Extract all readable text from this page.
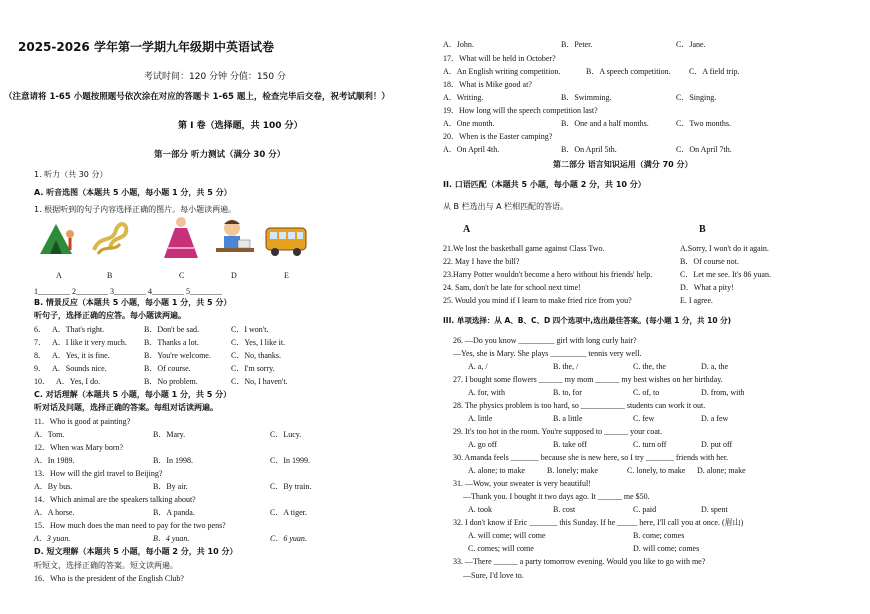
2025-2026 学年第一学期九年级期中英语试卷
考试时间：120 分钟 分值：150 分
（注意请将 1-65 小题按照题号依次涂在对应的答题卡 1-65 题上，检查完毕后交卷，祝考试顺利！）
第 I 卷（选择题，共 100 分）
第一部分 听力测试（满分 30 分）
1. 听力（共 30 分）
A. 听音选图（本题共 5 小题，每小题 1 分，共 5 分）
1. 根据听到的句子内容选择正确的图片。每小题读两遍。
A	B	C	D	E
1________ 2________ 3________ 4________ 5________
B. 情景反应（本题共 5 小题，每小题 1 分，共 5 分）
听句子，选择正确的应答。每小题读两遍。
6． A．That's right.	B．Don't be sad.	C．I won't.
7． A．I like it very much. B．Thanks a lot.	C．Yes, I like it.
8． A．Yes, it is fine.	B．You're welcome.	C．No, thanks.
9． A．Sounds nice.	B．Of course.	C．I'm sorry.
10． A．Yes, I do.	B．No problem.	C．No, I haven't.
C. 对话理解（本题共 5 小题，每小题 1 分，共 5 分）
听对话及问题，选择正确的答案。每组对话读两遍。
11．Who is good at painting?
A．Tom.	B．Mary.	C．Lucy.
12．When was Mary born?
A．In 1989.	B．In 1998.	C．In 1999.
13．How will the girl travel to Beijing?
A．By bus.	B．By air.	C．By train.
14．Which animal are the speakers talking about?
A．A horse.	B．A panda.	C．A tiger.
15．How much does the man need to pay for the two pens?
A．3 yuan.	B．4 yuan.	C．6 yuan.
D. 短文理解（本题共 5 小题，每小题 2 分，共 10 分）
听短文，选择正确的答案。短文读两遍。
16．Who is the president of the English Club?
A．John.	B．Peter.	C．Jane.
17．What will be held in October?
A．An English writing competition.	B．A speech competition. C．A field trip.
18．What is Mike good at?
A．Writing.	B．Swimming.	C．Singing.
19．How long will the speech competition last?
A．One month.	B．One and a half months.	C．Two months.
20．When is the Easter camping?
A．On April 4th.	B．On April 5th.	C．On April 7th.
第二部分 语言知识运用（满分 70 分）
II. 口语匹配（本题共 5 小题，每小题 2 分，共 10 分）
从 B 栏选出与 A 栏相匹配的答语。
A	B
21.We lost the basketball game against Class Two.	A.Sorry, I won't do it again.
22. May I have the bill?	B．Of course not.
23.Harry Potter wouldn't become a hero without his friends' help.	C．Let me see. It's 86 yuan.
24. Sam, don't be late for school next time!	D．What a pity!
25. Would you mind if I learn to make fried rice from you?	E. I agree.
III. 单项选择：从 A、B、C、D 四个选项中,选出最佳答案。(每小题 1 分，共 10 分)
26. —Do you know _________ girl with long curly hair?
—Yes, she is Mary. She plays _________ tennis very well.
A. a, /	B. the, /	C. the, the	D. a, the
27. I bought some flowers ______ my mom ______ my best wishes on her birthday.
A. for, with	B. to, for	C. of, to	D. from, with
28. The physics problem is too hard, so ___________ students can work it out.
A. little	B. a little	C. few	D. a few
29. It's too hot in the room. You're supposed to ______ your coat.
A. go off	B. take off	C. turn off	D. put off
30. Amanda feels _______ because she is new here, so I try _______ friends with her.
A. alone; to make	B. lonely; make	C. lonely, to make D. alone; make
31. —Wow, your sweater is very beautiful!
—Thank you. I bought it two days ago. It ______ me $50.
A. took	B. cost	C. paid	D. spent
32. I don't know if Eric _______ this Sunday. If he _____ here, I'll call you at once. (眉山)
A. will come; will come	B. come; comes
C. comes; will come	D. will come; comes
33. —There ______ a party tomorrow evening. Would you like to go with me?
—Sure, I'd love to.
